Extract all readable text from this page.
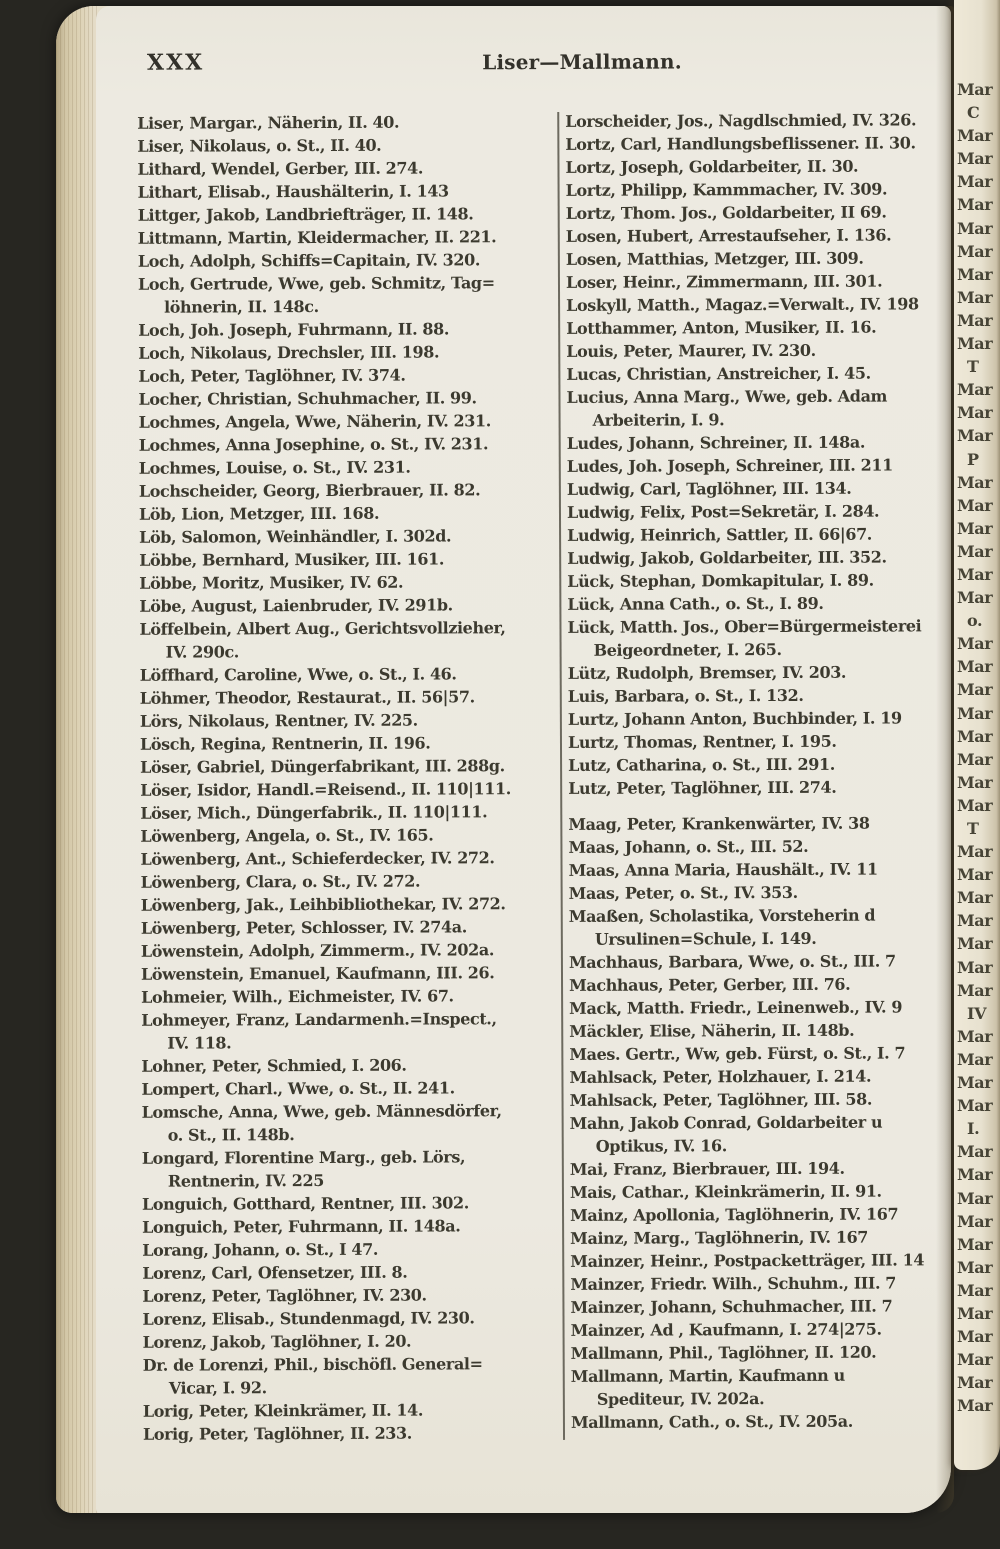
XXX	Liser—Mallmann.
Liser, Margar., Näherin, II. 40.
Liser, Nikolaus, o. St., II. 40.
Lithard, Wendel, Gerber, III. 274.
Lithart, Elisab., Haushälterin, I. 143
Littger, Jakob, Landbriefträger, II. 148.
Littmann, Martin, Kleidermacher, II. 221.
Loch, Adolph, Schiffs=Capitain, IV. 320.
Loch, Gertrude, Wwe, geb. Schmitz, Tag=
löhnerin, II. 148c.
Loch, Joh. Joseph, Fuhrmann, II. 88.
Loch, Nikolaus, Drechsler, III. 198.
Loch, Peter, Taglöhner, IV. 374.
Locher, Christian, Schuhmacher, II. 99.
Lochmes, Angela, Wwe, Näherin, IV. 231.
Lochmes, Anna Josephine, o. St., IV. 231.
Lochmes, Louise, o. St., IV. 231.
Lochscheider, Georg, Bierbrauer, II. 82.
Löb, Lion, Metzger, III. 168.
Löb, Salomon, Weinhändler, I. 302d.
Löbbe, Bernhard, Musiker, III. 161.
Löbbe, Moritz, Musiker, IV. 62.
Löbe, August, Laienbruder, IV. 291b.
Löffelbein, Albert Aug., Gerichtsvollzieher,
IV. 290c.
Löffhard, Caroline, Wwe, o. St., I. 46.
Löhmer, Theodor, Restaurat., II. 56|57.
Lörs, Nikolaus, Rentner, IV. 225.
Lösch, Regina, Rentnerin, II. 196.
Löser, Gabriel, Düngerfabrikant, III. 288g.
Löser, Isidor, Handl.=Reisend., II. 110|111.
Löser, Mich., Düngerfabrik., II. 110|111.
Löwenberg, Angela, o. St., IV. 165.
Löwenberg, Ant., Schieferdecker, IV. 272.
Löwenberg, Clara, o. St., IV. 272.
Löwenberg, Jak., Leihbibliothekar, IV. 272.
Löwenberg, Peter, Schlosser, IV. 274a.
Löwenstein, Adolph, Zimmerm., IV. 202a.
Löwenstein, Emanuel, Kaufmann, III. 26.
Lohmeier, Wilh., Eichmeister, IV. 67.
Lohmeyer, Franz, Landarmenh.=Inspect.,
IV. 118.
Lohner, Peter, Schmied, I. 206.
Lompert, Charl., Wwe, o. St., II. 241.
Lomsche, Anna, Wwe, geb. Männesdörfer,
o. St., II. 148b.
Longard, Florentine Marg., geb. Lörs,
Rentnerin, IV. 225
Longuich, Gotthard, Rentner, III. 302.
Longuich, Peter, Fuhrmann, II. 148a.
Lorang, Johann, o. St., I 47.
Lorenz, Carl, Ofensetzer, III. 8.
Lorenz, Peter, Taglöhner, IV. 230.
Lorenz, Elisab., Stundenmagd, IV. 230.
Lorenz, Jakob, Taglöhner, I. 20.
Dr. de Lorenzi, Phil., bischöfl. General=
Vicar, I. 92.
Lorig, Peter, Kleinkrämer, II. 14.
Lorig, Peter, Taglöhner, II. 233.
Lorscheider, Jos., Nagdlschmied, IV. 326.
Lortz, Carl, Handlungsbeflissener. II. 30.
Lortz, Joseph, Goldarbeiter, II. 30.
Lortz, Philipp, Kammmacher, IV. 309.
Lortz, Thom. Jos., Goldarbeiter, II 69.
Losen, Hubert, Arrestaufseher, I. 136.
Losen, Matthias, Metzger, III. 309.
Loser, Heinr., Zimmermann, III. 301.
Loskyll, Matth., Magaz.=Verwalt., IV. 198
Lotthammer, Anton, Musiker, II. 16.
Louis, Peter, Maurer, IV. 230.
Lucas, Christian, Anstreicher, I. 45.
Lucius, Anna Marg., Wwe, geb. Adam
Arbeiterin, I. 9.
Ludes, Johann, Schreiner, II. 148a.
Ludes, Joh. Joseph, Schreiner, III. 211
Ludwig, Carl, Taglöhner, III. 134.
Ludwig, Felix, Post=Sekretär, I. 284.
Ludwig, Heinrich, Sattler, II. 66|67.
Ludwig, Jakob, Goldarbeiter, III. 352.
Lück, Stephan, Domkapitular, I. 89.
Lück, Anna Cath., o. St., I. 89.
Lück, Matth. Jos., Ober=Bürgermeisterei
Beigeordneter, I. 265.
Lütz, Rudolph, Bremser, IV. 203.
Luis, Barbara, o. St., I. 132.
Lurtz, Johann Anton, Buchbinder, I. 19
Lurtz, Thomas, Rentner, I. 195.
Lutz, Catharina, o. St., III. 291.
Lutz, Peter, Taglöhner, III. 274.
Maag, Peter, Krankenwärter, IV. 38
Maas, Johann, o. St., III. 52.
Maas, Anna Maria, Haushält., IV. 11
Maas, Peter, o. St., IV. 353.
Maaßen, Scholastika, Vorsteherin d
Ursulinen=Schule, I. 149.
Machhaus, Barbara, Wwe, o. St., III. 7
Machhaus, Peter, Gerber, III. 76.
Mack, Matth. Friedr., Leinenweb., IV. 9
Mäckler, Elise, Näherin, II. 148b.
Maes. Gertr., Ww, geb. Fürst, o. St., I. 7
Mahlsack, Peter, Holzhauer, I. 214.
Mahlsack, Peter, Taglöhner, III. 58.
Mahn, Jakob Conrad, Goldarbeiter u
Optikus, IV. 16.
Mai, Franz, Bierbrauer, III. 194.
Mais, Cathar., Kleinkrämerin, II. 91.
Mainz, Apollonia, Taglöhnerin, IV. 167
Mainz, Marg., Taglöhnerin, IV. 167
Mainzer, Heinr., Postpacketträger, III. 14
Mainzer, Friedr. Wilh., Schuhm., III. 7
Mainzer, Johann, Schuhmacher, III. 7
Mainzer, Ad , Kaufmann, I. 274|275.
Mallmann, Phil., Taglöhner, II. 120.
Mallmann, Martin, Kaufmann u
Spediteur, IV. 202a.
Mallmann, Cath., o. St., IV. 205a.
Mar
C
Mar
Mar
Mar
Mar
Mar
Mar
Mar
Mar
Mar
Mar
T
Mar
Mar
Mar
P
Mar
Mar
Mar
Mar
Mar
Mar
o.
Mar
Mar
Mar
Mar
Mar
Mar
Mar
Mar
T
Mar
Mar
Mar
Mar
Mar
Mar
Mar
IV
Mar
Mar
Mar
Mar
I.
Mar
Mar
Mar
Mar
Mar
Mar
Mar
Mar
Mar
Mar
Mar
Mar
